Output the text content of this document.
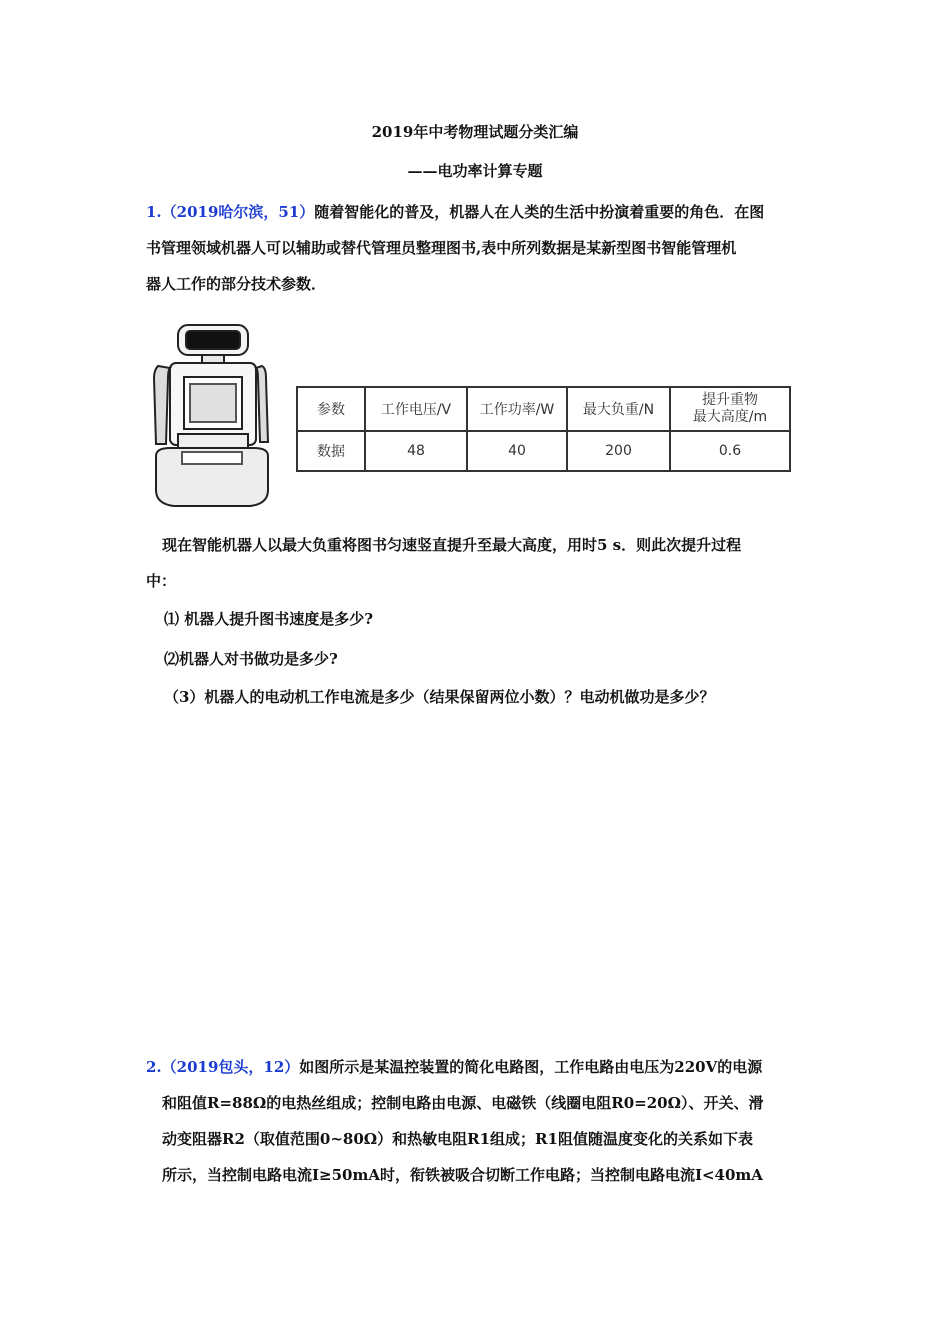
2019年中考物理试题分类汇编
——电功率计算专题
1.（2019哈尔滨，51）随着智能化的普及，机器人在人类的生活中扮演着重要的角色．在图
书管理领域机器人可以辅助或替代管理员整理图书,表中所列数据是某新型图书智能管理机
器人工作的部分技术参数．
参数	工作电压/V	工作功率/W	最大负重/N	提升重物
最大高度/m

数据	48	40	200	0.6
现在智能机器人以最大负重将图书匀速竖直提升至最大高度，用时5 s．则此次提升过程
中：
⑴ 机器人提升图书速度是多少?
⑵机器人对书做功是多少?
（3）机器人的电动机工作电流是多少（结果保留两位小数）？电动机做功是多少？
2.（2019包头，12）如图所示是某温控装置的简化电路图，工作电路由电压为220V的电源
和阻值R=88Ω的电热丝组成；控制电路由电源、电磁铁（线圈电阻R0=20Ω）、开关、滑
动变阻器R2（取值范围0~80Ω）和热敏电阻R1组成；R1阻值随温度变化的关系如下表
所示，当控制电路电流I≥50mA时，衔铁被吸合切断工作电路；当控制电路电流I<40mA
